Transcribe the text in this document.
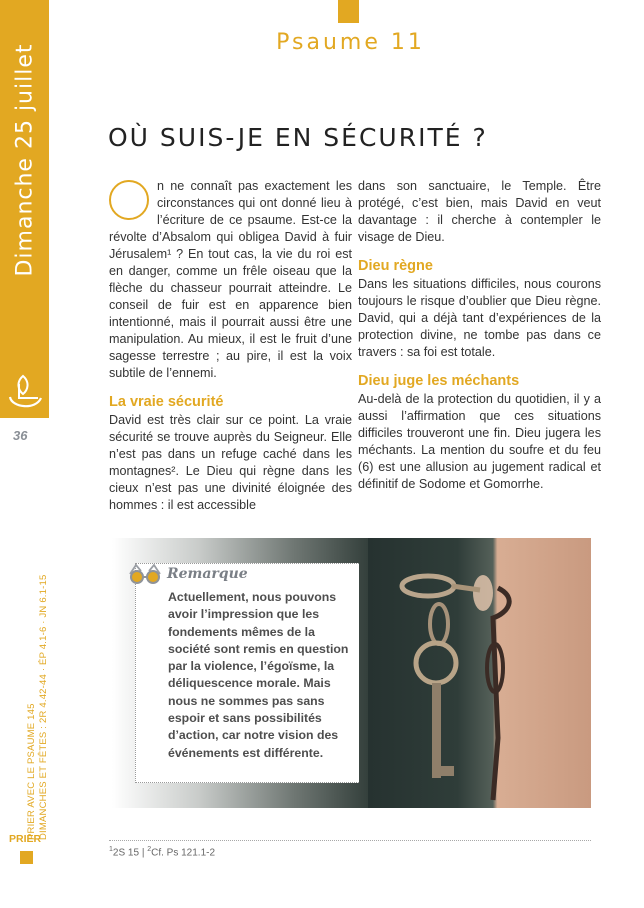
Dimanche 25 juillet
36
PRIER AVEC LE PSAUME 145 DIMANCHES ET FÊTES : 2R 4.42-44 · ÉP 4.1-6 · JN 6.1-15
PRIER
Psaume 11
OÙ SUIS-JE EN SÉCURITÉ ?

n ne connaît pas exactement les circonstances qui ont donné lieu à l’écriture de ce psaume. Est-ce la révolte d’Absalom qui obligea David à fuir Jérusalem¹ ? En tout cas, la vie du roi est en danger, comme un frêle oiseau que la flèche du chasseur pourrait atteindre. Le conseil de fuir est en apparence bien intentionné, mais il pourrait aussi être une manipulation. Au mieux, il est le fruit d’une sagesse terrestre ; au pire, il est la voix subtile de l’ennemi.

La vraie sécurité

David est très clair sur ce point. La vraie sécurité se trouve auprès du Seigneur. Elle n’est pas dans un refuge caché dans les montagnes². Le Dieu qui règne dans les cieux n’est pas une divinité éloignée des hommes : il est accessible

dans son sanctuaire, le Temple. Être protégé, c’est bien, mais David en veut davantage : il cherche à contempler le visage de Dieu.

Dieu règne

Dans les situations difficiles, nous courons toujours le risque d’oublier que Dieu règne. David, qui a déjà tant d’expériences de la protection divine, ne tombe pas dans ce travers : sa foi est totale.

Dieu juge les méchants

Au-delà de la protection du quotidien, il y a aussi l’affirmation que ces situations difficiles trouveront une fin. Dieu jugera les méchants. La mention du soufre et du feu (6) est une allusion au jugement radical et définitif de Sodome et Gomorrhe.

Remarque
Actuellement, nous pouvons avoir l’impression que les fondements mêmes de la société sont remis en question par la violence, l’égoïsme, la déliquescence morale. Mais nous ne sommes pas sans espoir et sans possibilités d’action, car notre vision des événements est différente.
$^1$2S 15 | $^2$Cf. Ps 121.1-2
